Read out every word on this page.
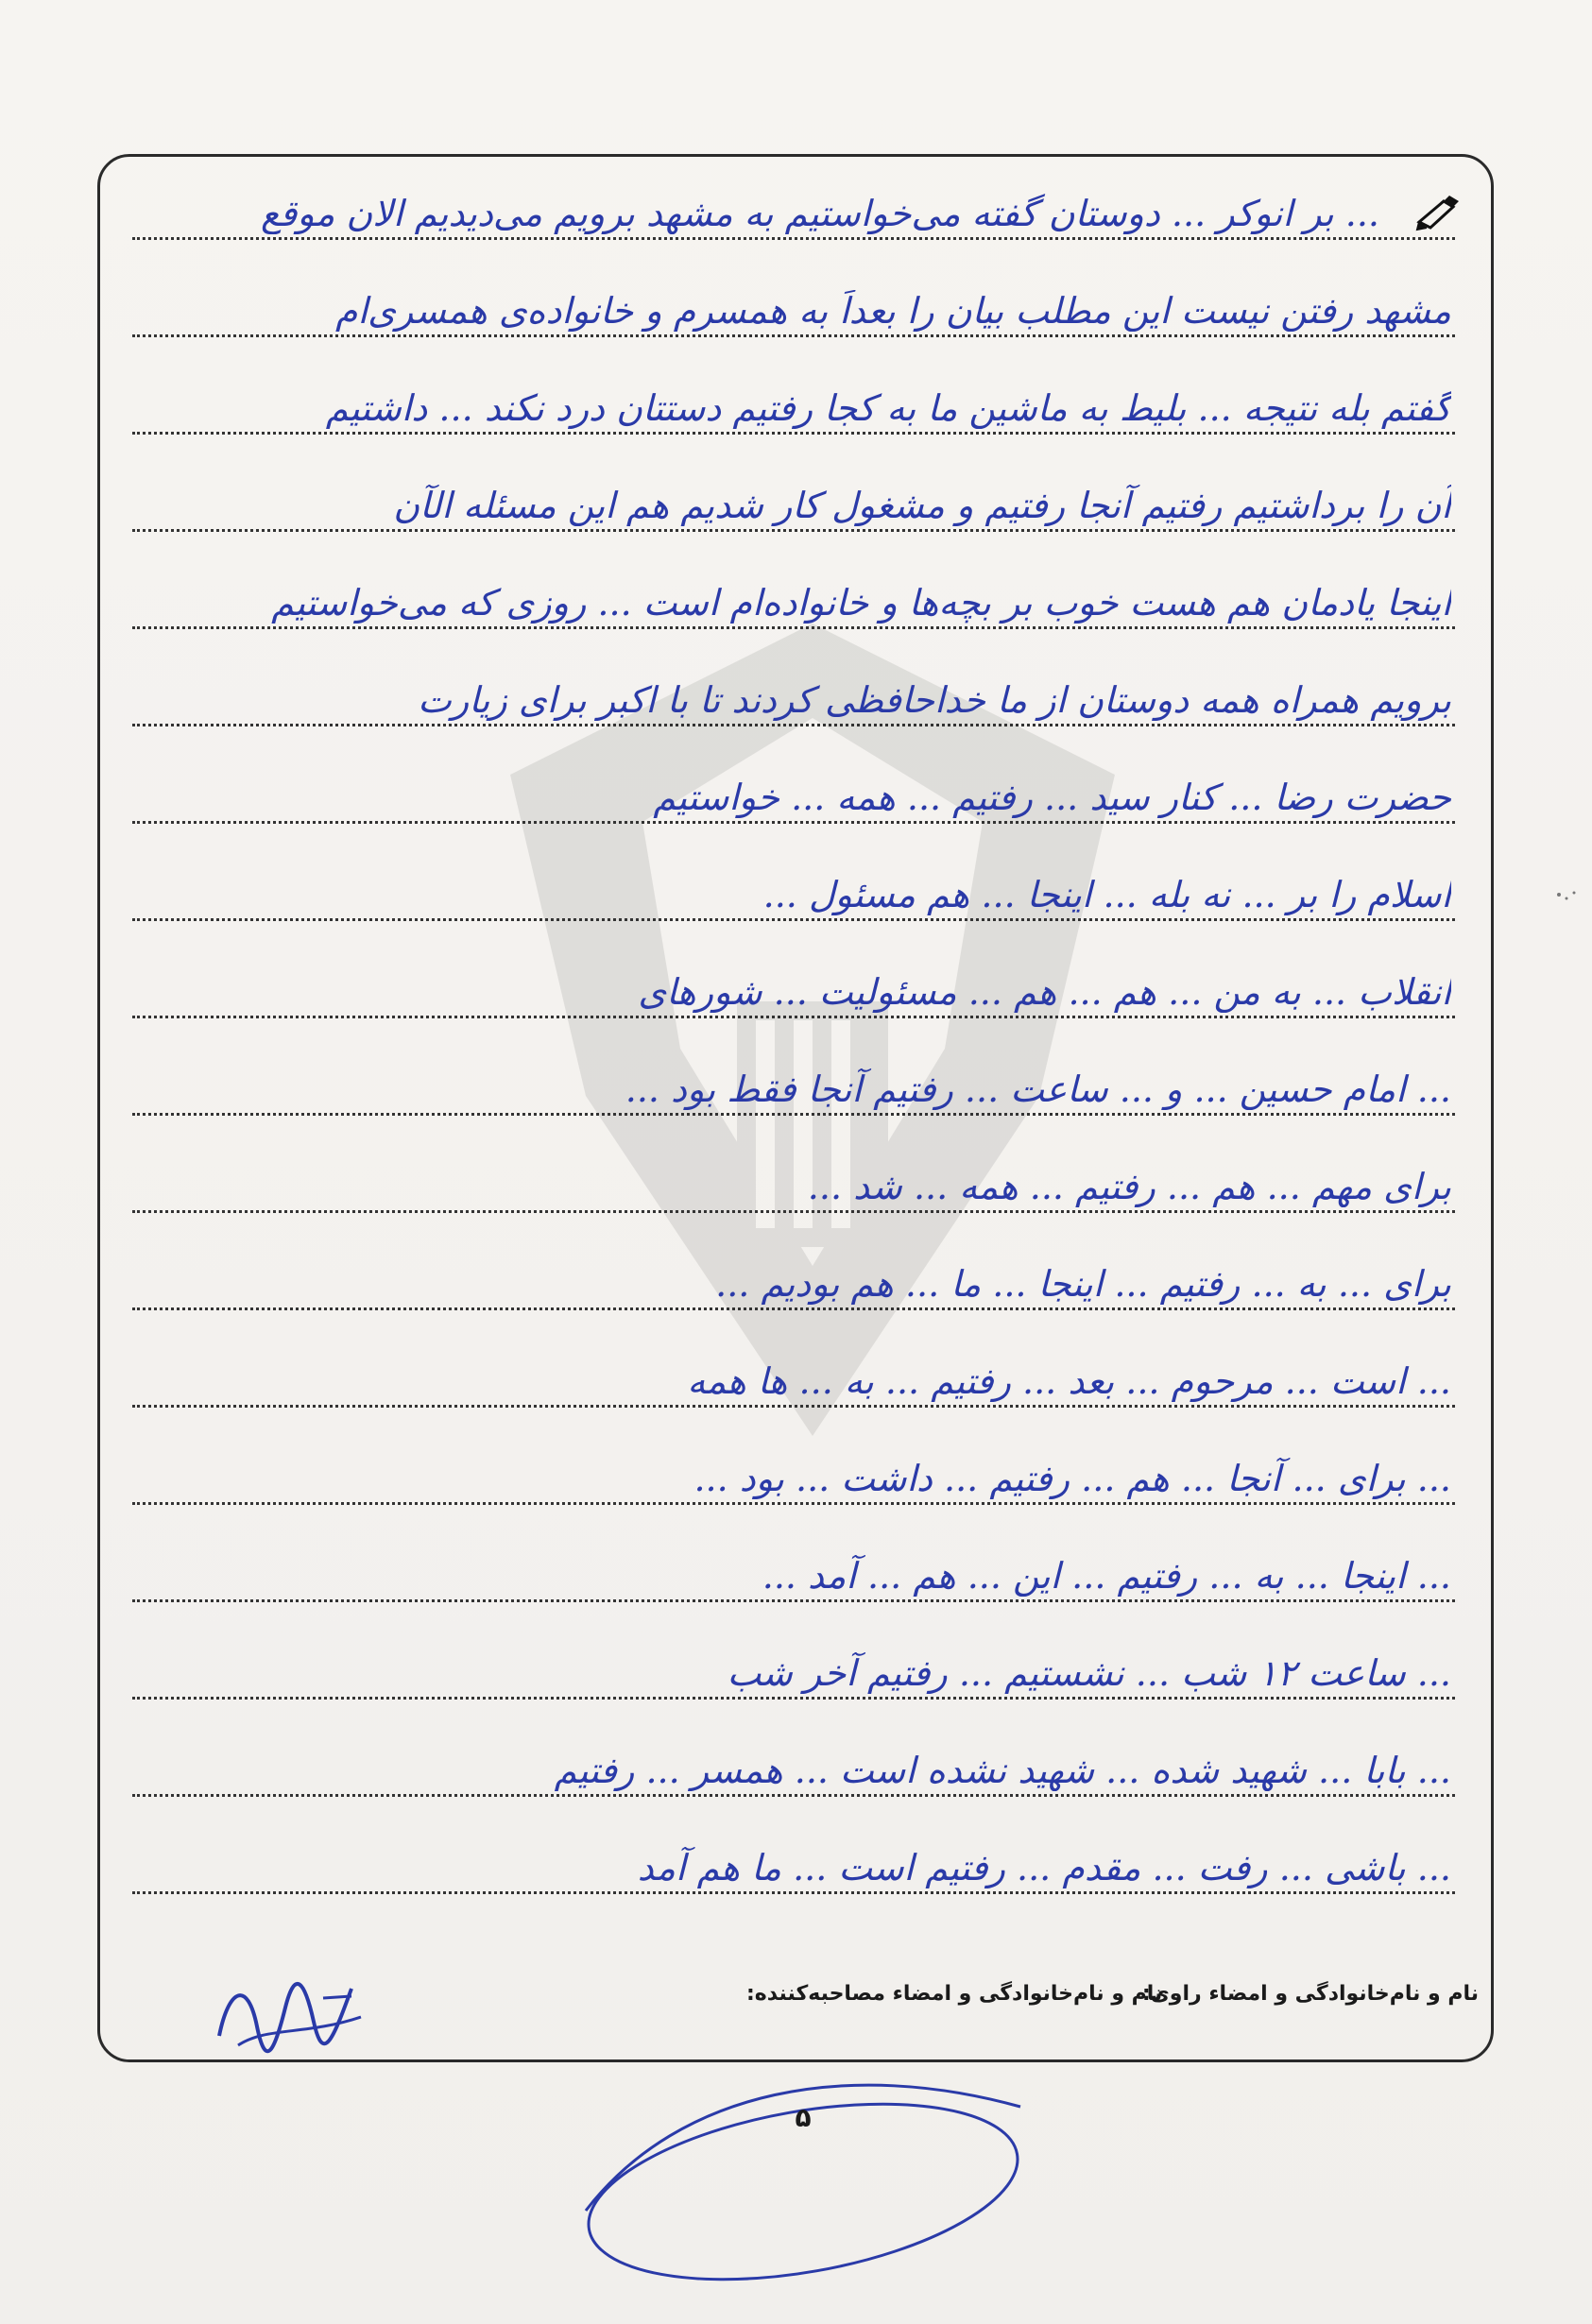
... بر انوکر ... دوستان گفته می‌خواستیم به مشهد برویم می‌دیدیم الان موقع
مشهد رفتن نیست این مطلب بیان را بعداً به همسرم و خانواده‌ی همسری‌ام
گفتم بله نتیجه ... بلیط به ماشین ما به کجا رفتیم دستتان درد نکند ... داشتیم
آن را برداشتیم رفتیم آنجا رفتیم و مشغول کار شدیم هم این مسئله الآن
اینجا یادمان هم هست خوب بر بچه‌ها و خانواده‌ام است ... روزی که می‌خواستیم
برویم همراه همه دوستان از ما خداحافظی کردند تا با اکبر برای زیارت
حضرت رضا ... کنار سید ... رفتیم ... همه ... خواستیم
اسلام را بر ... نه بله ... اینجا ... هم مسئول ...
انقلاب ... به من ... هم ... هم ... مسئولیت ... شورهای
... امام حسین ... و ... ساعت ... رفتیم آنجا فقط بود ...
برای مهم ... هم ... رفتیم ... همه ... شد ...
برای ... به ... رفتیم ... اینجا ... ما ... هم بودیم ...
... است ... مرحوم ... بعد ... رفتیم ... به ... ها همه
... برای ... آنجا ... هم ... رفتیم ... داشت ... بود ...
... اینجا ... به ... رفتیم ... این ... هم ... آمد ...
... ساعت ۱۲ شب ... نشستیم ... رفتیم آخر شب
... بابا ... شهید شده ... شهید نشده است ... همسر ... رفتیم
... باشی ... رفت ... مقدم ... رفتیم است ... ما هم آمد
نام و نام‌خانوادگی و امضاء راوی:
نام و نام‌خانوادگی و امضاء مصاحبه‌کننده:
۵
